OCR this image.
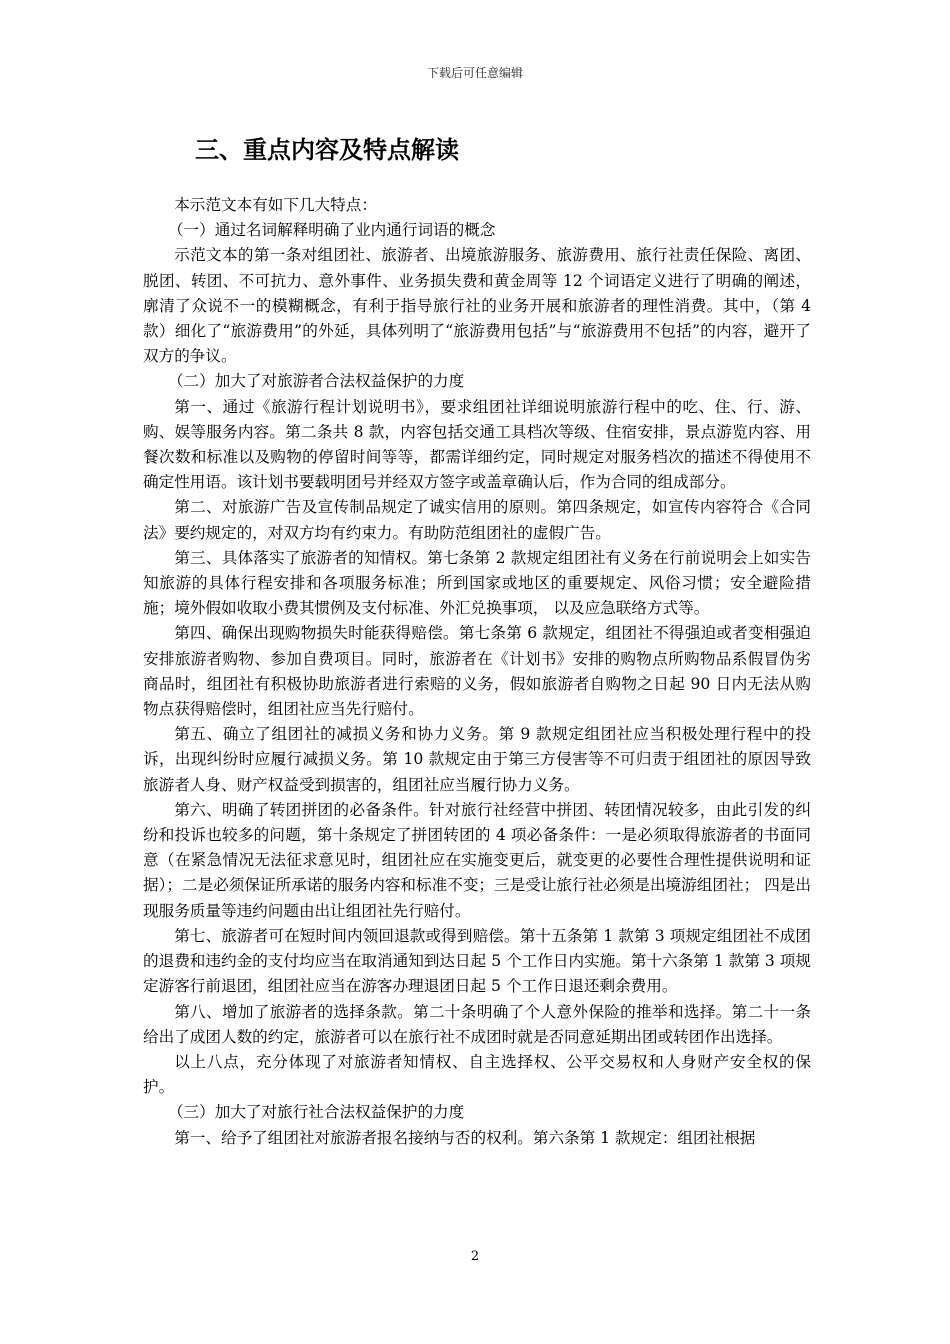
下载后可任意编辑
三、重点内容及特点解读

本示范文本有如下几大特点：

（一）通过名词解释明确了业内通行词语的概念

示范文本的第一条对组团社、旅游者、出境旅游服务、旅游费用、旅行社责任保险、离团、脱团、转团、不可抗力、意外事件、业务损失费和黄金周等 12 个词语定义进行了明确的阐述，廓清了众说不一的模糊概念，有利于指导旅行社的业务开展和旅游者的理性消费。其中，（第 4 款）细化了“旅游费用”的外延，具体列明了“旅游费用包括”与“旅游费用不包括”的内容，避开了双方的争议。

（二）加大了对旅游者合法权益保护的力度

第一、通过《旅游行程计划说明书》，要求组团社详细说明旅游行程中的吃、住、行、游、购、娱等服务内容。第二条共 8 款，内容包括交通工具档次等级、住宿安排，景点游览内容、用餐次数和标准以及购物的停留时间等等，都需详细约定，同时规定对服务档次的描述不得使用不确定性用语。该计划书要载明团号并经双方签字或盖章确认后，作为合同的组成部分。

第二、对旅游广告及宣传制品规定了诚实信用的原则。第四条规定，如宣传内容符合《合同法》要约规定的，对双方均有约束力。有助防范组团社的虚假广告。

第三、具体落实了旅游者的知情权。第七条第 2 款规定组团社有义务在行前说明会上如实告知旅游的具体行程安排和各项服务标准；所到国家或地区的重要规定、风俗习惯；安全避险措施；境外假如收取小费其惯例及支付标准、外汇兑换事项， 以及应急联络方式等。

第四、确保出现购物损失时能获得赔偿。第七条第 6 款规定，组团社不得强迫或者变相强迫安排旅游者购物、参加自费项目。同时，旅游者在《计划书》安排的购物点所购物品系假冒伪劣商品时，组团社有积极协助旅游者进行索赔的义务，假如旅游者自购物之日起 90 日内无法从购物点获得赔偿时，组团社应当先行赔付。

第五、确立了组团社的减损义务和协力义务。第 9 款规定组团社应当积极处理行程中的投诉，出现纠纷时应履行减损义务。第 10 款规定由于第三方侵害等不可归责于组团社的原因导致旅游者人身、财产权益受到损害的，组团社应当履行协力义务。

第六、明确了转团拼团的必备条件。针对旅行社经营中拼团、转团情况较多，由此引发的纠纷和投诉也较多的问题，第十条规定了拼团转团的 4 项必备条件：一是必须取得旅游者的书面同意（在紧急情况无法征求意见时，组团社应在实施变更后，就变更的必要性合理性提供说明和证据）；二是必须保证所承诺的服务内容和标准不变；三是受让旅行社必须是出境游组团社； 四是出现服务质量等违约问题由出让组团社先行赔付。

第七、旅游者可在短时间内领回退款或得到赔偿。第十五条第 1 款第 3 项规定组团社不成团的退费和违约金的支付均应当在取消通知到达日起 5 个工作日内实施。第十六条第 1 款第 3 项规定游客行前退团，组团社应当在游客办理退团日起 5 个工作日退还剩余费用。

第八、增加了旅游者的选择条款。第二十条明确了个人意外保险的推举和选择。第二十一条给出了成团人数的约定，旅游者可以在旅行社不成团时就是否同意延期出团或转团作出选择。

以上八点，充分体现了对旅游者知情权、自主选择权、公平交易权和人身财产安全权的保护。

（三）加大了对旅行社合法权益保护的力度

第一、给予了组团社对旅游者报名接纳与否的权利。第六条第 1 款规定：组团社根据

2
